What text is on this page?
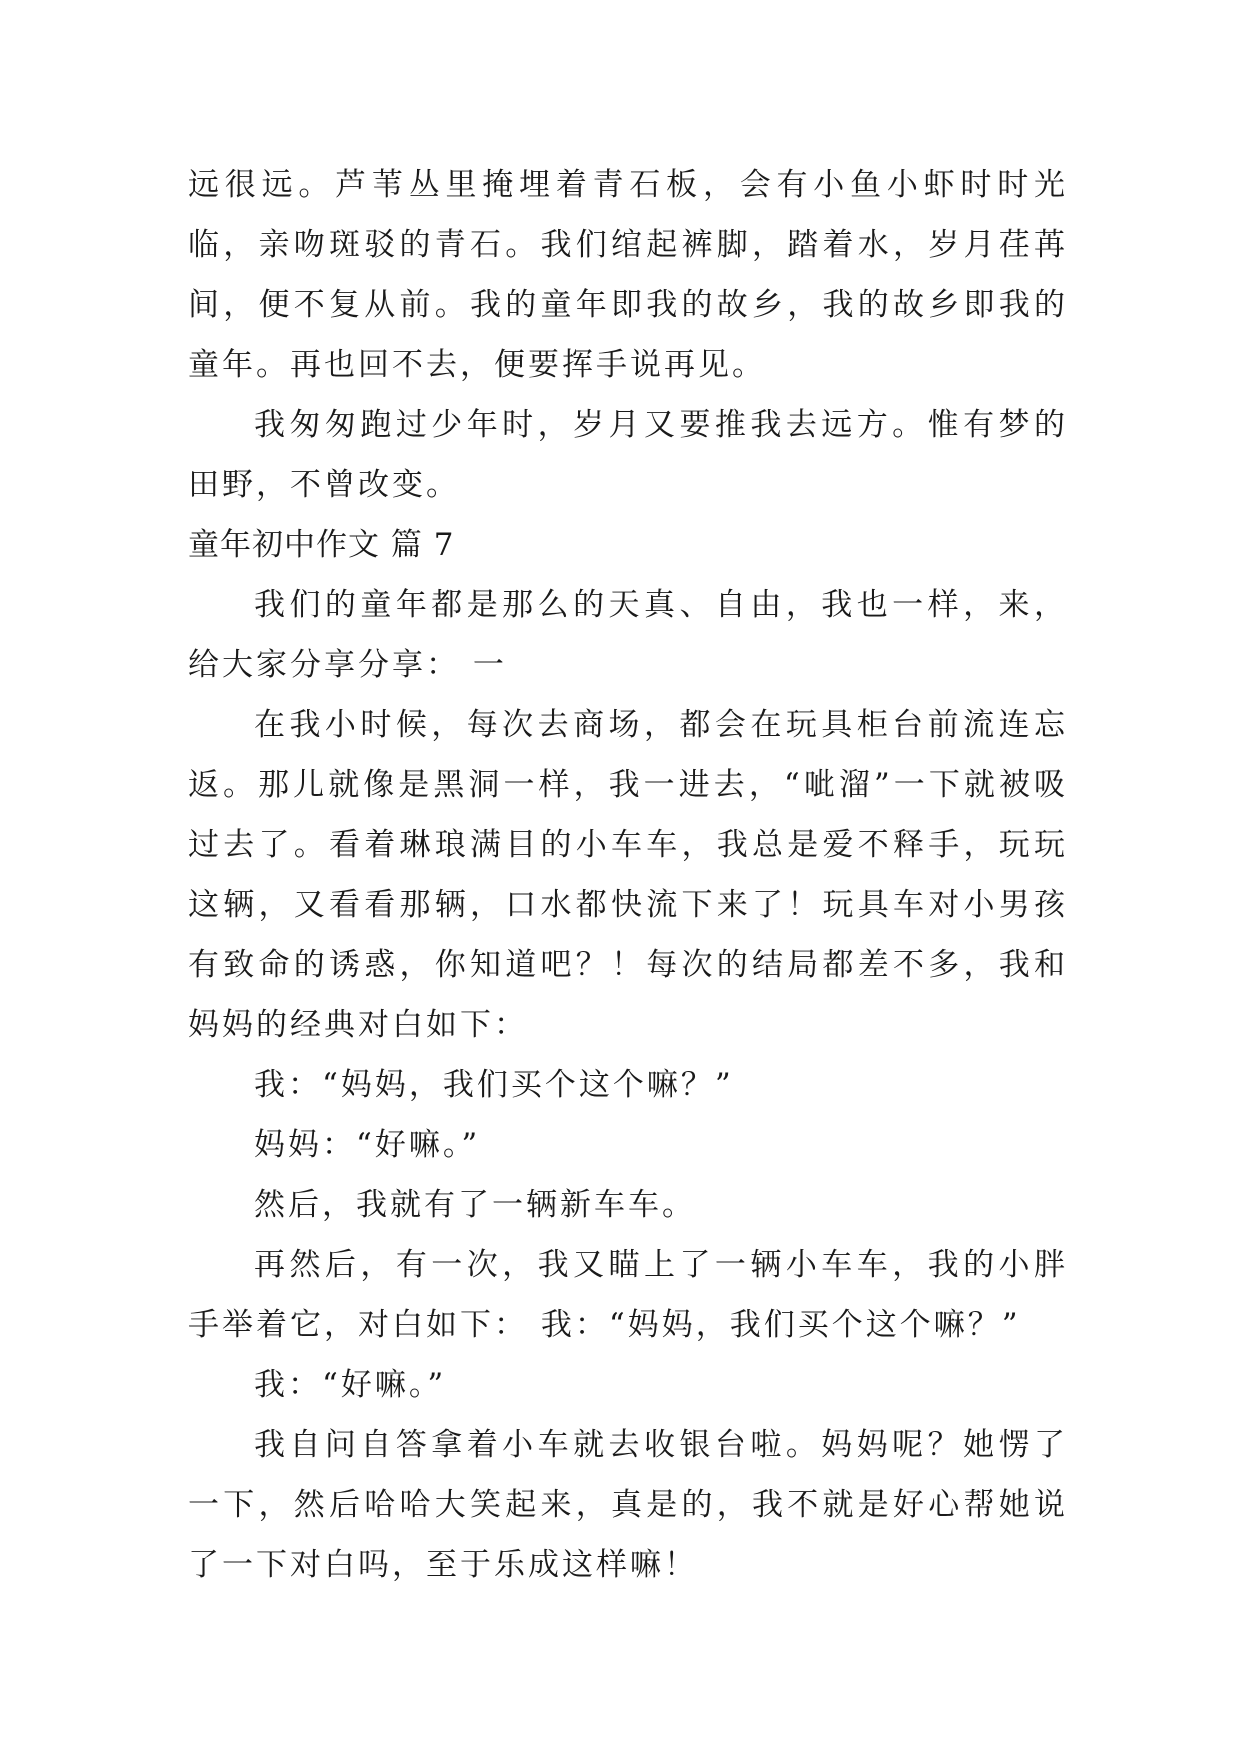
远很远。芦苇丛里掩埋着青石板，会有小鱼小虾时时光临，亲吻斑驳的青石。我们绾起裤脚，踏着水，岁月荏苒间，便不复从前。我的童年即我的故乡，我的故乡即我的童年。再也回不去，便要挥手说再见。

我匆匆跑过少年时，岁月又要推我去远方。惟有梦的田野，不曾改变。

童年初中作文 篇 7

我们的童年都是那么的天真、自由，我也一样，来，给大家分享分享： 一

在我小时候，每次去商场，都会在玩具柜台前流连忘返。那儿就像是黑洞一样，我一进去，“呲溜”一下就被吸过去了。看着琳琅满目的小车车，我总是爱不释手，玩玩这辆，又看看那辆，口水都快流下来了！玩具车对小男孩有致命的诱惑，你知道吧？！每次的结局都差不多，我和妈妈的经典对白如下：

我：“妈妈，我们买个这个嘛？”

妈妈：“好嘛。”

然后，我就有了一辆新车车。

再然后，有一次，我又瞄上了一辆小车车，我的小胖手举着它，对白如下： 我：“妈妈，我们买个这个嘛？”

我：“好嘛。”

我自问自答拿着小车就去收银台啦。妈妈呢？她愣了一下，然后哈哈大笑起来，真是的，我不就是好心帮她说了一下对白吗，至于乐成这样嘛！
